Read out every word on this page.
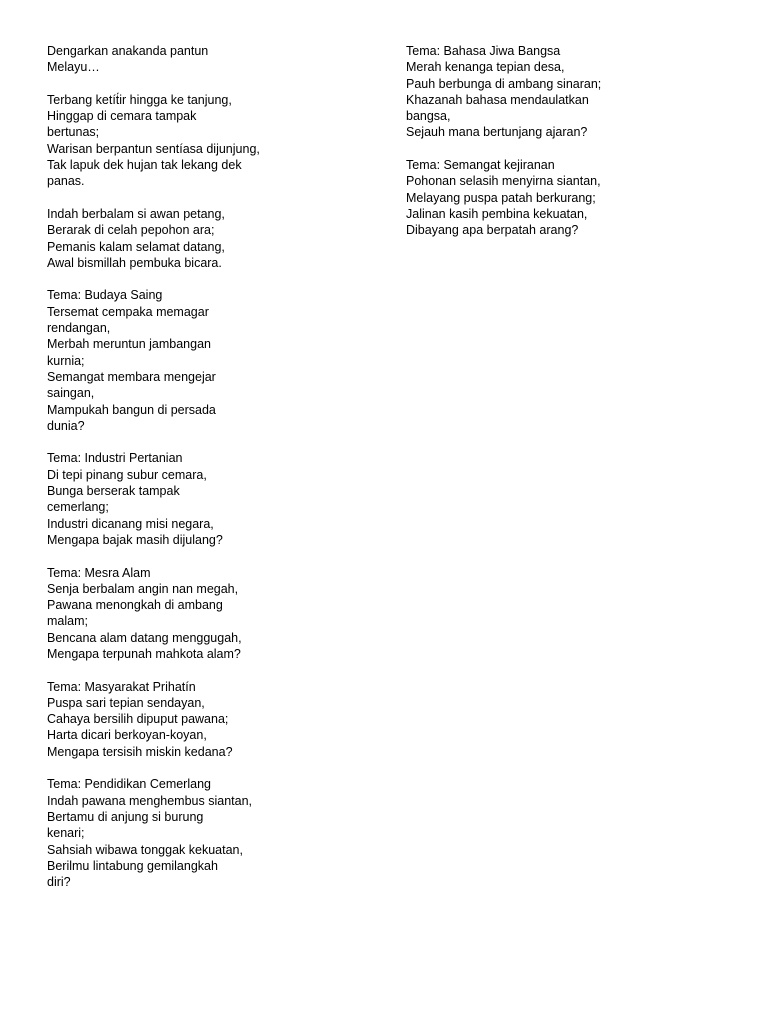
Dengarkan anakanda pantun
Melayu…
Terbang ketít́ir hingga ke tanjung,
Hinggap di cemara tampak
bertunas;
Warisan berpantun sentíasa dijunjung,
Tak lapuk dek hujan tak lekang dek
panas.
Indah berbalam si awan petang,
Berarak di celah pepohon ara;
Pemanis kalam selamat datang,
Awal bismillah pembuka bicara.
Tema: Budaya Saing
Tersemat cempaka memagar
rendangan,
Merbah meruntun jambangan
kurnia;
Semangat membara mengejar
saingan,
Mampukah bangun di persada
dunia?
Tema: Industri Pertanian
Di tepi pinang subur cemara,
Bunga berserak tampak
cemerlang;
Industri dicanang misi negara,
Mengapa bajak masih dijulang?
Tema: Mesra Alam
Senja berbalam angin nan megah,
Pawana menongkah di ambang
malam;
Bencana alam datang menggugah,
Mengapa terpunah mahkota alam?
Tema: Masyarakat Prihatín
Puspa sari tepian sendayan,
Cahaya bersilih dipuput pawana;
Harta dicari berkoyan-koyan,
Mengapa tersisih miskin kedana?
Tema: Pendidikan Cemerlang
Indah pawana menghembus siantan,
Bertamu di anjung si burung
kenari;
Sahsiah wibawa tonggak kekuatan,
Berilmu lintabung gemilangkah
diri?
Tema: Bahasa Jiwa Bangsa
Merah kenanga tepian desa,
Pauh berbunga di ambang sinaran;
Khazanah bahasa mendaulatkan
bangsa,
Sejauh mana bertunjang ajaran?
Tema: Semangat kejiranan
Pohonan selasih menyirna siantan,
Melayang puspa patah berkurang;
Jalinan kasih pembina kekuatan,
Dibayang apa berpatah arang?
